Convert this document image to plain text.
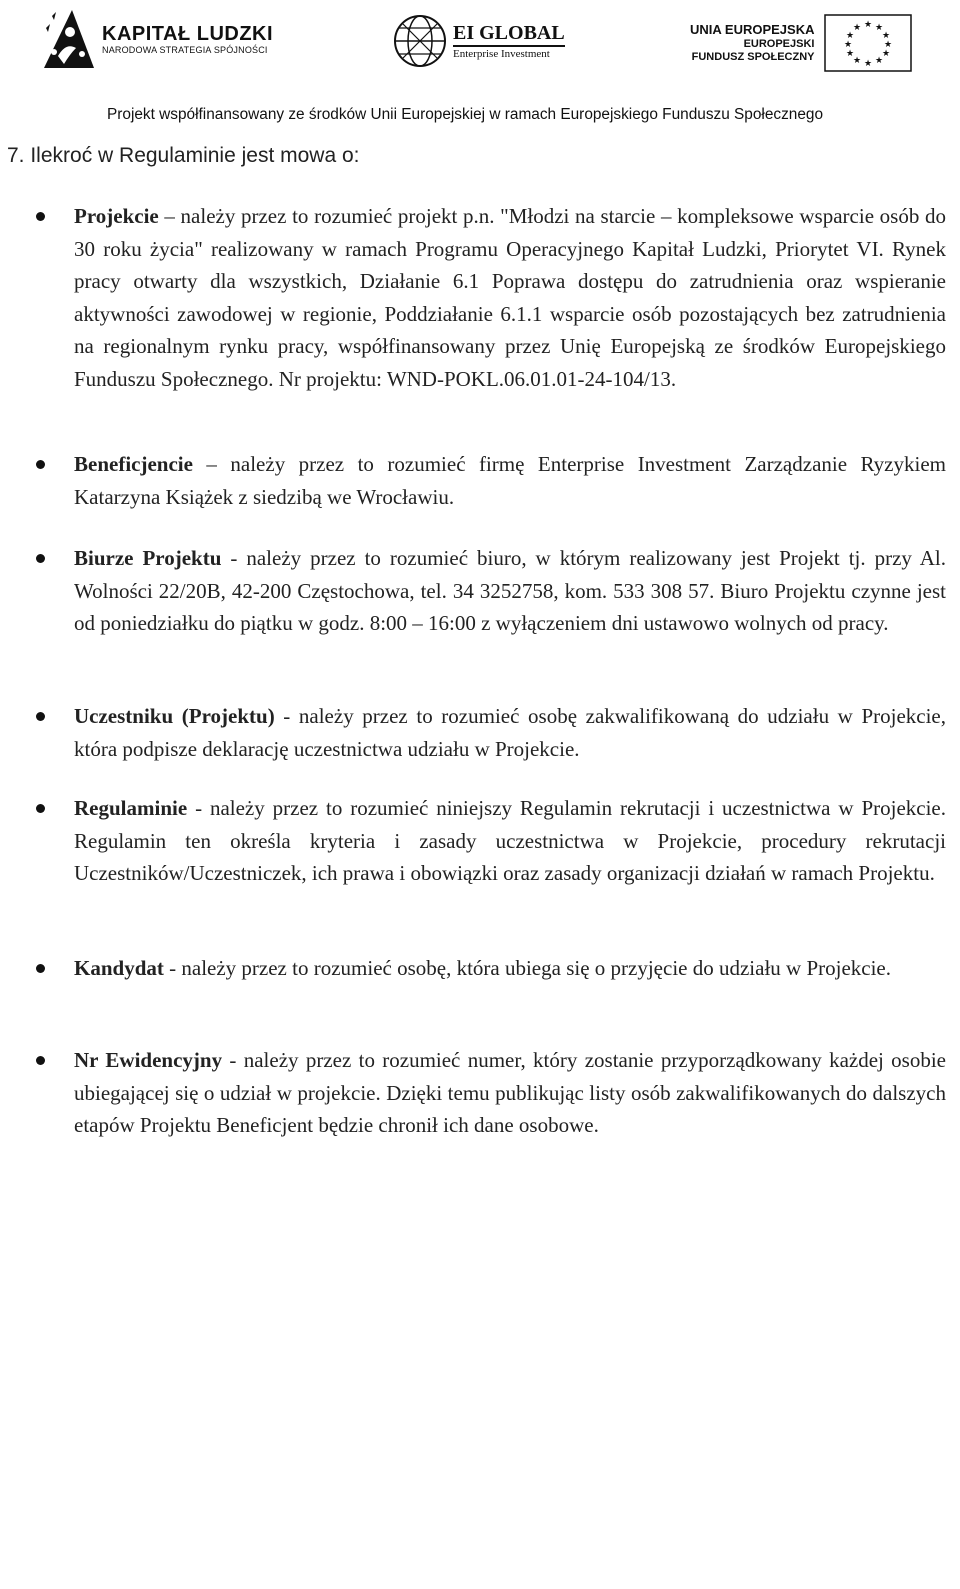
KAPITAŁ LUDZKI
NARODOWA STRATEGIA SPÓJNOŚCI
EI GLOBAL
Enterprise Investment
UNIA EUROPEJSKA
EUROPEJSKI
FUNDUSZ SPOŁECZNY
★ ★
★
★
★
★
★
★
★
★
★
★
Projekt współfinansowany ze środków Unii Europejskiej w ramach Europejskiego Funduszu Społecznego
7. Ilekroć w Regulaminie jest mowa o:
Projekcie – należy przez to rozumieć projekt p.n. "Młodzi na starcie – kompleksowe wsparcie osób do 30 roku życia" realizowany w ramach Programu Operacyjnego Kapitał Ludzki, Priorytet VI. Rynek pracy otwarty dla wszystkich, Działanie 6.1 Poprawa dostępu do zatrudnienia oraz wspieranie aktywności zawodowej w regionie, Poddziałanie 6.1.1 wsparcie osób pozostających bez zatrudnienia na regionalnym rynku pracy, współfinansowany przez Unię Europejską ze środków Europejskiego Funduszu Społecznego. Nr projektu: WND-POKL.06.01.01-24-104/13.
Beneficjencie – należy przez to rozumieć firmę Enterprise Investment Zarządzanie Ryzykiem Katarzyna Książek z siedzibą we Wrocławiu.
Biurze Projektu - należy przez to rozumieć biuro, w którym realizowany jest Projekt tj. przy Al. Wolności 22/20B, 42-200 Częstochowa, tel. 34 3252758, kom. 533 308 57. Biuro Projektu czynne jest od poniedziałku do piątku w godz. 8:00 – 16:00 z wyłączeniem dni ustawowo wolnych od pracy.
Uczestniku (Projektu) - należy przez to rozumieć osobę zakwalifikowaną do udziału w Projekcie, która podpisze deklarację uczestnictwa udziału w Projekcie.
Regulaminie - należy przez to rozumieć niniejszy Regulamin rekrutacji i uczestnictwa w Projekcie. Regulamin ten określa kryteria i zasady uczestnictwa w Projekcie, procedury rekrutacji Uczestników/Uczestniczek, ich prawa i obowiązki oraz zasady organizacji działań w ramach Projektu.
Kandydat - należy przez to rozumieć osobę, która ubiega się o przyjęcie do udziału w Projekcie.
Nr Ewidencyjny - należy przez to rozumieć numer, który zostanie przyporządkowany każdej osobie ubiegającej się o udział w projekcie. Dzięki temu publikując listy osób zakwalifikowanych do dalszych etapów Projektu Beneficjent będzie chronił ich dane osobowe.
